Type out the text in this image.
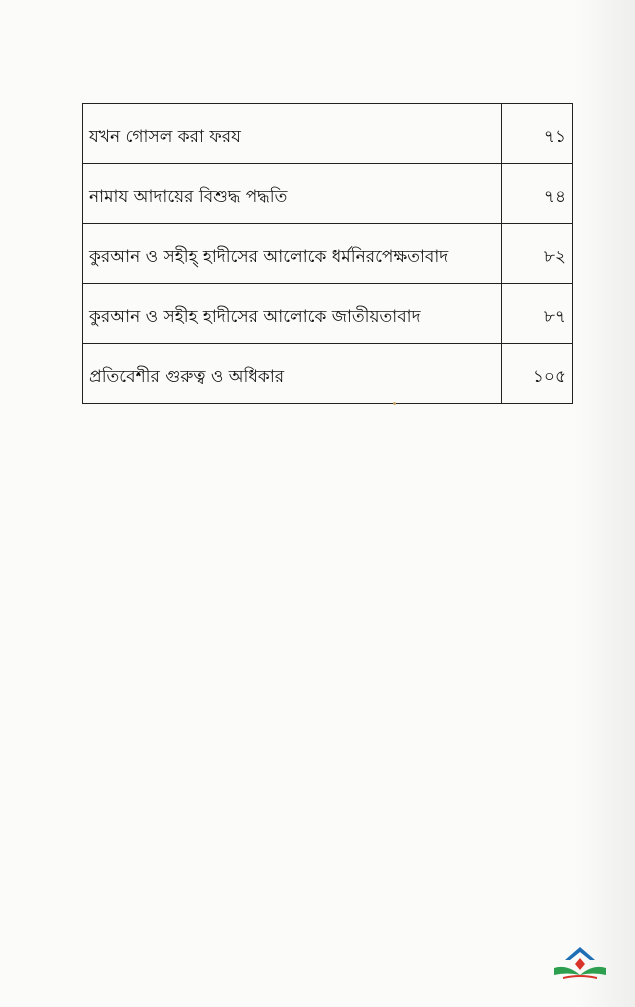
যখন গোসল করা ফরয	৭১
নামায আদায়ের বিশুদ্ধ পদ্ধতি	৭৪
কুরআন ও সহীহ্ হাদীসের আলোকে ধর্মনিরপেক্ষতাবাদ	৮২
কুরআন ও সহীহ হাদীসের আলোকে জাতীয়তাবাদ	৮৭
প্রতিবেশীর গুরুত্ব ও অধিকার	১০৫
